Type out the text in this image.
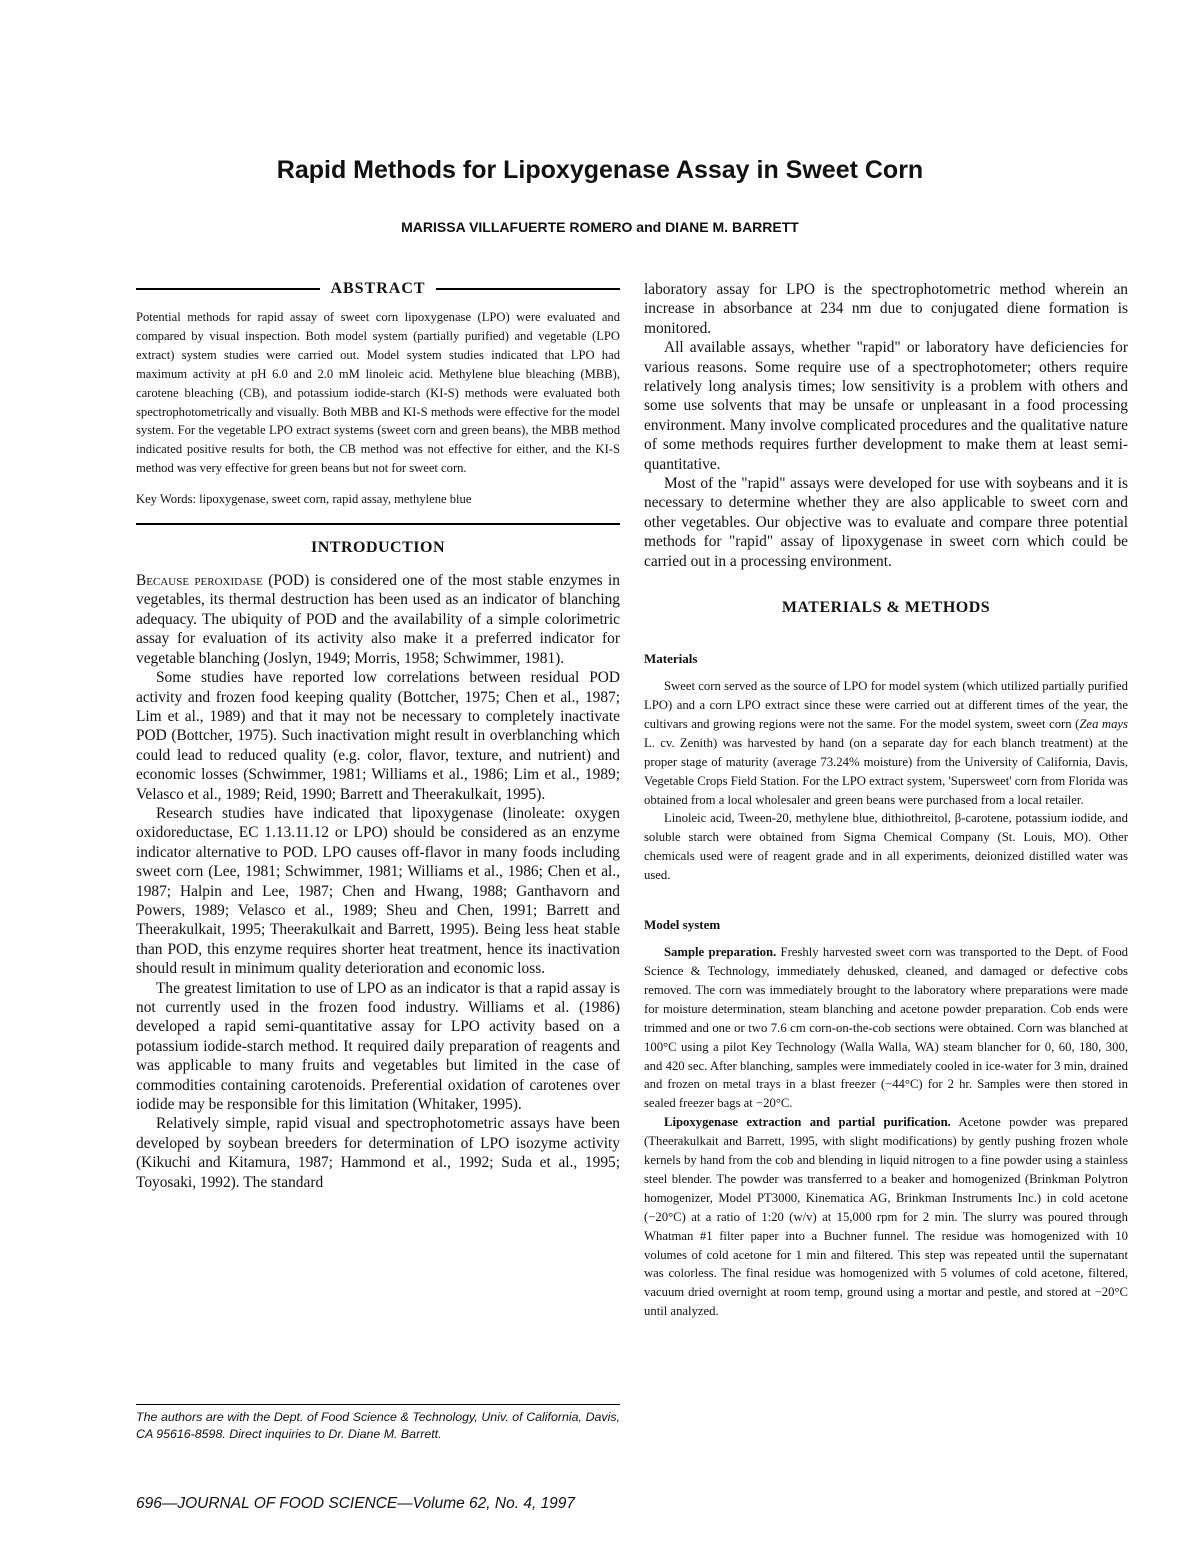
Rapid Methods for Lipoxygenase Assay in Sweet Corn
MARISSA VILLAFUERTE ROMERO and DIANE M. BARRETT
ABSTRACT

Potential methods for rapid assay of sweet corn lipoxygenase (LPO) were evaluated and compared by visual inspection. Both model system (partially purified) and vegetable (LPO extract) system studies were carried out. Model system studies indicated that LPO had maximum activity at pH 6.0 and 2.0 mM linoleic acid. Methylene blue bleaching (MBB), carotene bleaching (CB), and potassium iodide-starch (KI-S) methods were evaluated both spectrophotometrically and visually. Both MBB and KI-S methods were effective for the model system. For the vegetable LPO extract systems (sweet corn and green beans), the MBB method indicated positive results for both, the CB method was not effective for either, and the KI-S method was very effective for green beans but not for sweet corn.

Key Words: lipoxygenase, sweet corn, rapid assay, methylene blue

INTRODUCTION

Because peroxidase (POD) is considered one of the most stable enzymes in vegetables, its thermal destruction has been used as an indicator of blanching adequacy. The ubiquity of POD and the availability of a simple colorimetric assay for evaluation of its activity also make it a preferred indicator for vegetable blanching (Joslyn, 1949; Morris, 1958; Schwimmer, 1981).

Some studies have reported low correlations between residual POD activity and frozen food keeping quality (Bottcher, 1975; Chen et al., 1987; Lim et al., 1989) and that it may not be necessary to completely inactivate POD (Bottcher, 1975). Such inactivation might result in overblanching which could lead to reduced quality (e.g. color, flavor, texture, and nutrient) and economic losses (Schwimmer, 1981; Williams et al., 1986; Lim et al., 1989; Velasco et al., 1989; Reid, 1990; Barrett and Theerakulkait, 1995).

Research studies have indicated that lipoxygenase (linoleate: oxygen oxidoreductase, EC 1.13.11.12 or LPO) should be considered as an enzyme indicator alternative to POD. LPO causes off-flavor in many foods including sweet corn (Lee, 1981; Schwimmer, 1981; Williams et al., 1986; Chen et al., 1987; Halpin and Lee, 1987; Chen and Hwang, 1988; Ganthavorn and Powers, 1989; Velasco et al., 1989; Sheu and Chen, 1991; Barrett and Theerakulkait, 1995; Theerakulkait and Barrett, 1995). Being less heat stable than POD, this enzyme requires shorter heat treatment, hence its inactivation should result in minimum quality deterioration and economic loss.

The greatest limitation to use of LPO as an indicator is that a rapid assay is not currently used in the frozen food industry. Williams et al. (1986) developed a rapid semi-quantitative assay for LPO activity based on a potassium iodide-starch method. It required daily preparation of reagents and was applicable to many fruits and vegetables but limited in the case of commodities containing carotenoids. Preferential oxidation of carotenes over iodide may be responsible for this limitation (Whitaker, 1995).

Relatively simple, rapid visual and spectrophotometric assays have been developed by soybean breeders for determination of LPO isozyme activity (Kikuchi and Kitamura, 1987; Hammond et al., 1992; Suda et al., 1995; Toyosaki, 1992). The standard

The authors are with the Dept. of Food Science & Technology, Univ. of California, Davis, CA 95616-8598. Direct inquiries to Dr. Diane M. Barrett.

laboratory assay for LPO is the spectrophotometric method wherein an increase in absorbance at 234 nm due to conjugated diene formation is monitored.

All available assays, whether "rapid" or laboratory have deficiencies for various reasons. Some require use of a spectrophotometer; others require relatively long analysis times; low sensitivity is a problem with others and some use solvents that may be unsafe or unpleasant in a food processing environment. Many involve complicated procedures and the qualitative nature of some methods requires further development to make them at least semi-quantitative.

Most of the "rapid" assays were developed for use with soybeans and it is necessary to determine whether they are also applicable to sweet corn and other vegetables. Our objective was to evaluate and compare three potential methods for "rapid" assay of lipoxygenase in sweet corn which could be carried out in a processing environment.

MATERIALS & METHODS
Materials

Sweet corn served as the source of LPO for model system (which utilized partially purified LPO) and a corn LPO extract since these were carried out at different times of the year, the cultivars and growing regions were not the same. For the model system, sweet corn (Zea mays L. cv. Zenith) was harvested by hand (on a separate day for each blanch treatment) at the proper stage of maturity (average 73.24% moisture) from the University of California, Davis, Vegetable Crops Field Station. For the LPO extract system, 'Supersweet' corn from Florida was obtained from a local wholesaler and green beans were purchased from a local retailer.

Linoleic acid, Tween-20, methylene blue, dithiothreitol, β-carotene, potassium iodide, and soluble starch were obtained from Sigma Chemical Company (St. Louis, MO). Other chemicals used were of reagent grade and in all experiments, deionized distilled water was used.

Model system

Sample preparation. Freshly harvested sweet corn was transported to the Dept. of Food Science & Technology, immediately dehusked, cleaned, and damaged or defective cobs removed. The corn was immediately brought to the laboratory where preparations were made for moisture determination, steam blanching and acetone powder preparation. Cob ends were trimmed and one or two 7.6 cm corn-on-the-cob sections were obtained. Corn was blanched at 100°C using a pilot Key Technology (Walla Walla, WA) steam blancher for 0, 60, 180, 300, and 420 sec. After blanching, samples were immediately cooled in ice-water for 3 min, drained and frozen on metal trays in a blast freezer (−44°C) for 2 hr. Samples were then stored in sealed freezer bags at −20°C.

Lipoxygenase extraction and partial purification. Acetone powder was prepared (Theerakulkait and Barrett, 1995, with slight modifications) by gently pushing frozen whole kernels by hand from the cob and blending in liquid nitrogen to a fine powder using a stainless steel blender. The powder was transferred to a beaker and homogenized (Brinkman Polytron homogenizer, Model PT3000, Kinematica AG, Brinkman Instruments Inc.) in cold acetone (−20°C) at a ratio of 1:20 (w/v) at 15,000 rpm for 2 min. The slurry was poured through Whatman #1 filter paper into a Buchner funnel. The residue was homogenized with 10 volumes of cold acetone for 1 min and filtered. This step was repeated until the supernatant was colorless. The final residue was homogenized with 5 volumes of cold acetone, filtered, vacuum dried overnight at room temp, ground using a mortar and pestle, and stored at −20°C until analyzed.

696—JOURNAL OF FOOD SCIENCE—Volume 62, No. 4, 1997
